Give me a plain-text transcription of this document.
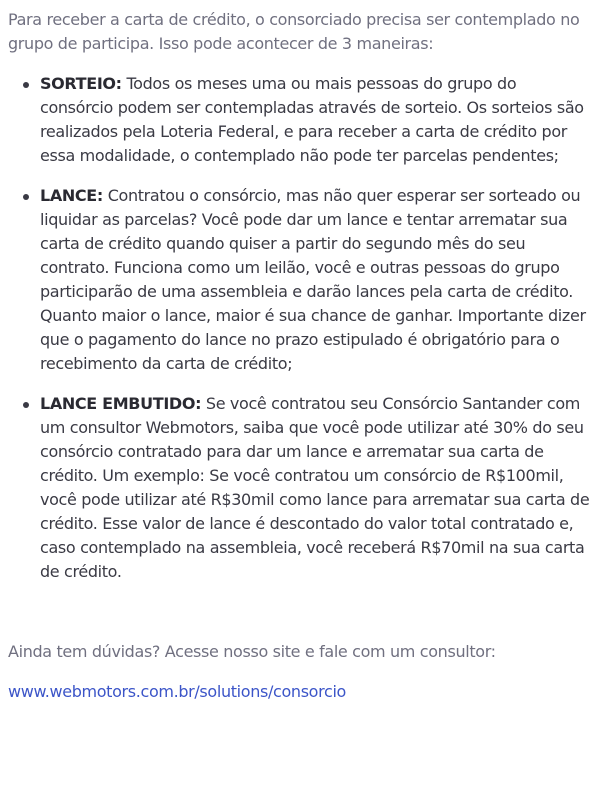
Para receber a carta de crédito, o consorciado precisa ser contemplado no grupo de participa. Isso pode acontecer de 3 maneiras:

SORTEIO: Todos os meses uma ou mais pessoas do grupo do consórcio podem ser contempladas através de sorteio. Os sorteios são realizados pela Loteria Federal, e para receber a carta de crédito por essa modalidade, o contemplado não pode ter parcelas pendentes;
LANCE: Contratou o consórcio, mas não quer esperar ser sorteado ou liquidar as parcelas? Você pode dar um lance e tentar arrematar sua carta de crédito quando quiser a partir do segundo mês do seu contrato. Funciona como um leilão, você e outras pessoas do grupo participarão de uma assembleia e darão lances pela carta de crédito. Quanto maior o lance, maior é sua chance de ganhar. Importante dizer que o pagamento do lance no prazo estipulado é obrigatório para o recebimento da carta de crédito;
LANCE EMBUTIDO: Se você contratou seu Consórcio Santander com um consultor Webmotors, saiba que você pode utilizar até 30% do seu consórcio contratado para dar um lance e arrematar sua carta de crédito. Um exemplo: Se você contratou um consórcio de R$100mil, você pode utilizar até R$30mil como lance para arrematar sua carta de crédito. Esse valor de lance é descontado do valor total contratado e, caso contemplado na assembleia, você receberá R$70mil na sua carta de crédito.

Ainda tem dúvidas? Acesse nosso site e fale com um consultor:

www.webmotors.com.br/solutions/consorcio
